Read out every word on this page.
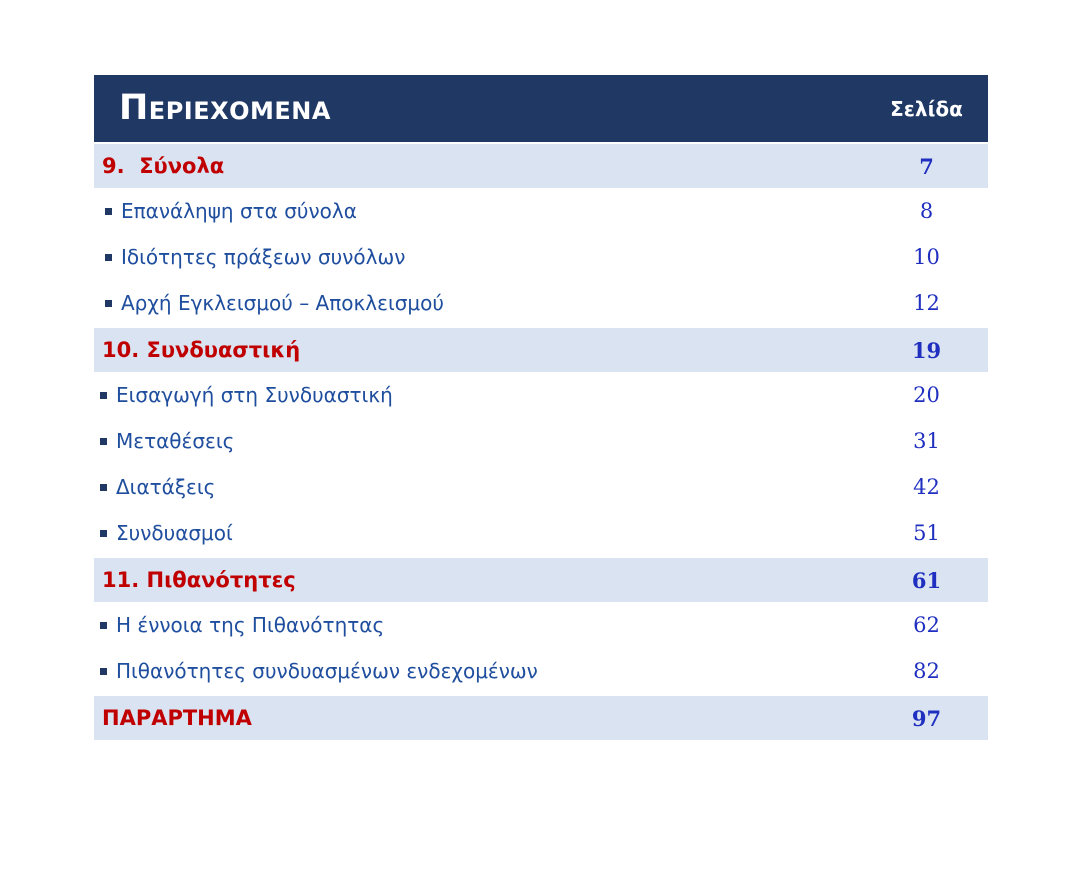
ΠΕΡΙΕΧΟΜΕΝΑ	Σελίδα
9.  Σύνολα	7
Επανάληψη στα σύνολα	8
Ιδιότητες πράξεων συνόλων	10
Αρχή Εγκλεισμού – Αποκλεισμού	12
10. Συνδυαστική	19
Εισαγωγή στη Συνδυαστική	20
Μεταθέσεις	31
Διατάξεις	42
Συνδυασμοί	51
11. Πιθανότητες	61
Η έννοια της Πιθανότητας	62
Πιθανότητες συνδυασμένων ενδεχομένων	82
ΠΑΡΑΡΤΗΜΑ	97
